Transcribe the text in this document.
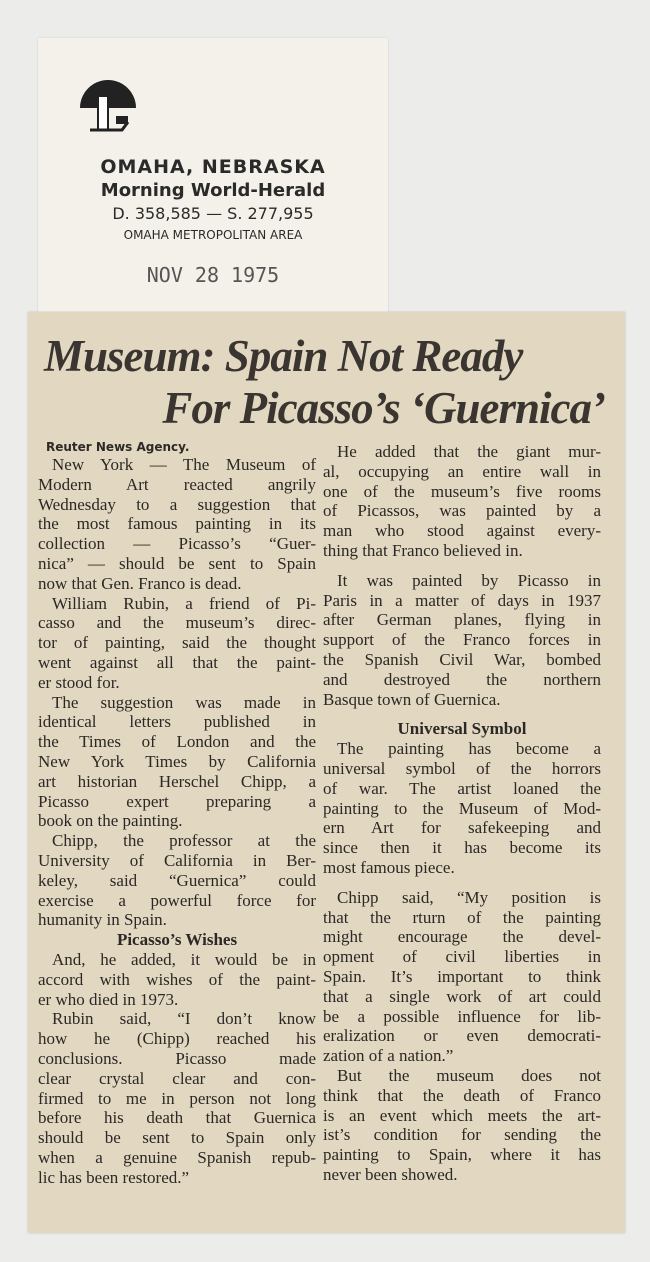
OMAHA, NEBRASKA
Morning World-Herald
D. 358,585 — S. 277,955
OMAHA METROPOLITAN AREA
NOV 28 1975
Museum: Spain Not Ready
For Picasso’s ‘Guernica’
Reuter News Agency.
New York — The Museum of
Modern Art reacted angrily
Wednesday to a suggestion that
the most famous painting in its
collection — Picasso’s “Guer-
nica” — should be sent to Spain
now that Gen. Franco is dead.
William Rubin, a friend of Pi-
casso and the museum’s direc-
tor of painting, said the thought
went against all that the paint-
er stood for.
The suggestion was made in
identical letters published in
the Times of London and the
New York Times by California
art historian Herschel Chipp, a
Picasso expert preparing a
book on the painting.
Chipp, the professor at the
University of California in Ber-
keley, said “Guernica” could
exercise a powerful force for
humanity in Spain.
Picasso’s Wishes
And, he added, it would be in
accord with wishes of the paint-
er who died in 1973.
Rubin said, “I don’t know
how he (Chipp) reached his
conclusions. Picasso made
clear crystal clear and con-
firmed to me in person not long
before his death that Guernica
should be sent to Spain only
when a genuine Spanish repub-
lic has been restored.”
He added that the giant mur-
al, occupying an entire wall in
one of the museum’s five rooms
of Picassos, was painted by a
man who stood against every-
thing that Franco believed in.
It was painted by Picasso in
Paris in a matter of days in 1937
after German planes, flying in
support of the Franco forces in
the Spanish Civil War, bombed
and destroyed the northern
Basque town of Guernica.
Universal Symbol
The painting has become a
universal symbol of the horrors
of war. The artist loaned the
painting to the Museum of Mod-
ern Art for safekeeping and
since then it has become its
most famous piece.
Chipp said, “My position is
that the rturn of the painting
might encourage the devel-
opment of civil liberties in
Spain. It’s important to think
that a single work of art could
be a possible influence for lib-
eralization or even democrati-
zation of a nation.”
But the museum does not
think that the death of Franco
is an event which meets the art-
ist’s condition for sending the
painting to Spain, where it has
never been showed.
